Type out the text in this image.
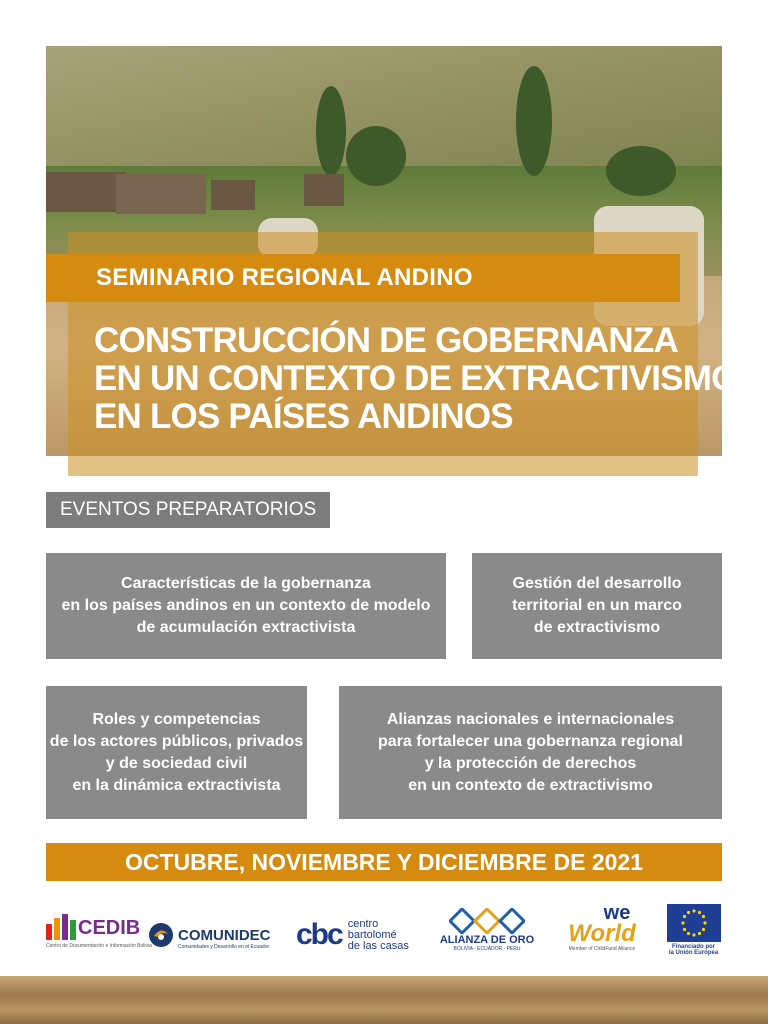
SEMINARIO REGIONAL ANDINO
CONSTRUCCIÓN DE GOBERNANZA
EN UN CONTEXTO DE EXTRACTIVISMO
EN LOS PAÍSES ANDINOS
EVENTOS PREPARATORIOS
Características de la gobernanza
en los países andinos en un contexto de modelo
de acumulación extractivista
Gestión del desarrollo
territorial en un marco
de extractivismo
Roles y competencias
de los actores públicos, privados
y de sociedad civil
en la dinámica extractivista
Alianzas nacionales e internacionales
para fortalecer una gobernanza regional
y la protección de derechos
en un contexto de extractivismo
OCTUBRE, NOVIEMBRE Y DICIEMBRE DE 2021
CEDIB
Centro de Documentación e Información Bolivia
COMUNIDEC
Comunidades y Desarrollo en el Ecuador cbc centro
bartolomé
de las casas	ALIANZA DE ORO
BOLIVIA · ECUADOR · PERU
we
World
Member of ChildFund Alliance	Financiado por
la Unión Europea
